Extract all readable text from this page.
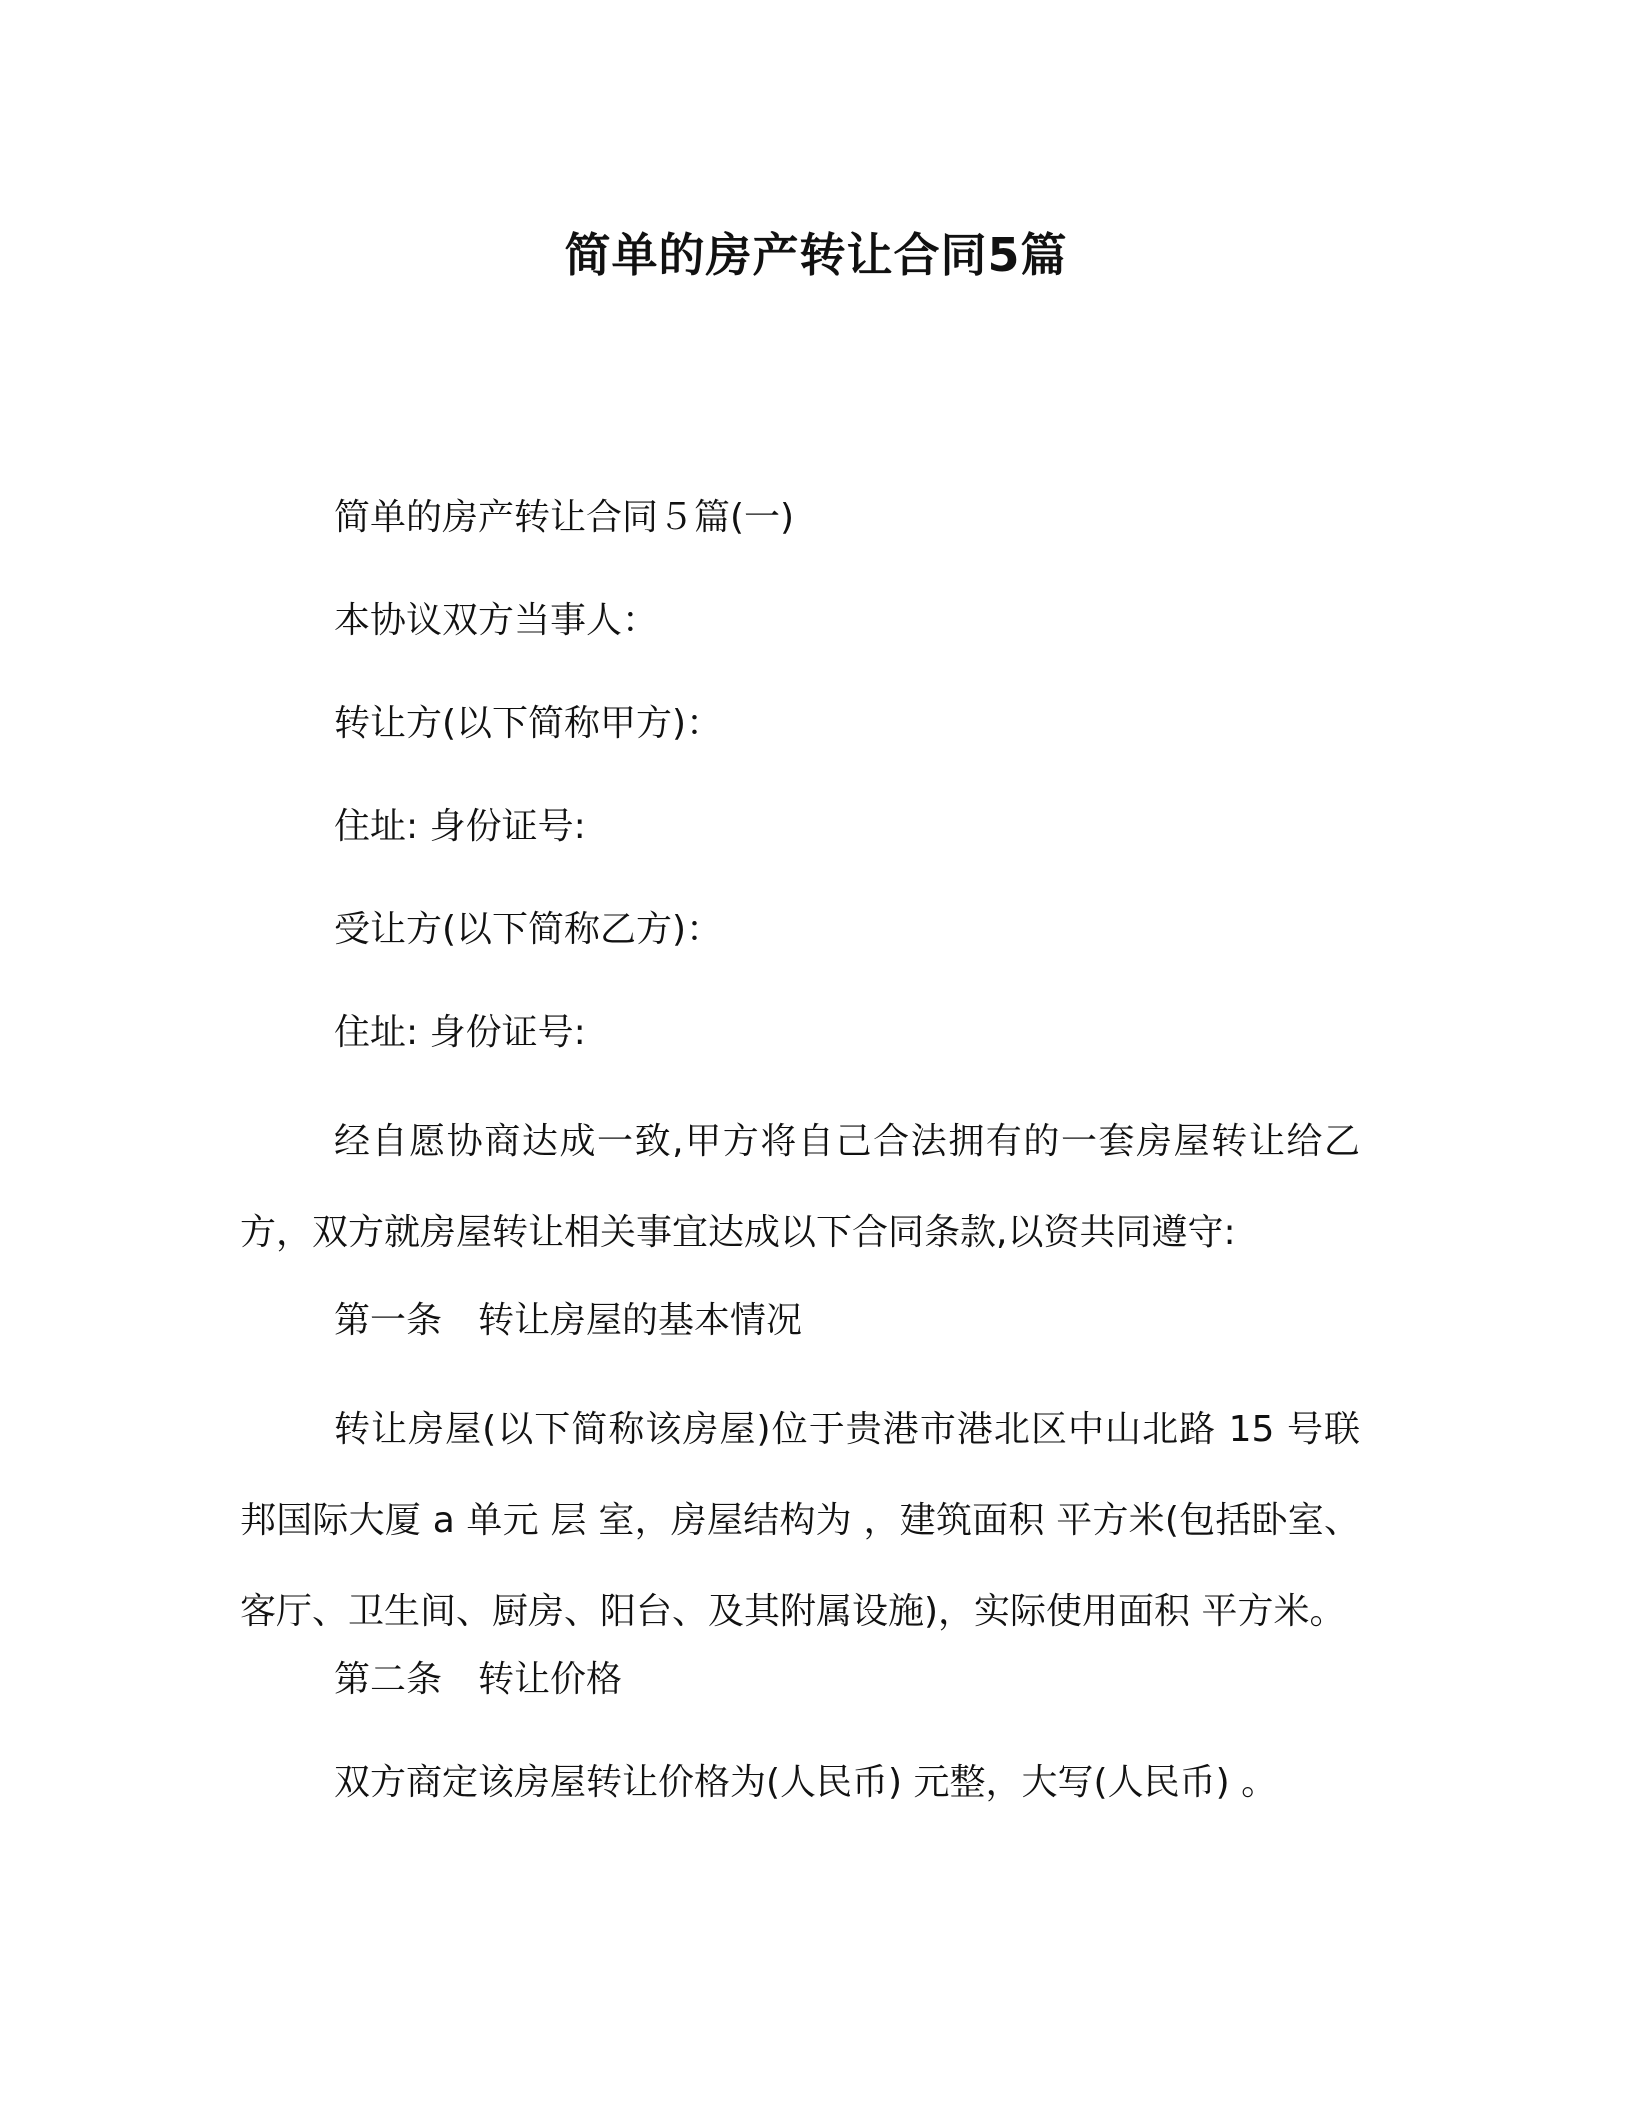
简单的房产转让合同5篇
简单的房产转让合同５篇(一)
本协议双方当事人：
转让方(以下简称甲方)：
住址: 身份证号:
受让方(以下简称乙方)：
住址: 身份证号:
经自愿协商达成一致,甲方将自己合法拥有的一套房屋转让给乙方，双方就房屋转让相关事宜达成以下合同条款,以资共同遵守:
第一条　转让房屋的基本情况
转让房屋(以下简称该房屋)位于贵港市港北区中山北路 15 号联邦国际大厦 a 单元 层 室，房屋结构为 ，建筑面积 平方米(包括卧室、客厅、卫生间、厨房、阳台、及其附属设施)，实际使用面积 平方米。
第二条　转让价格
双方商定该房屋转让价格为(人民币) 元整，大写(人民币) 。
